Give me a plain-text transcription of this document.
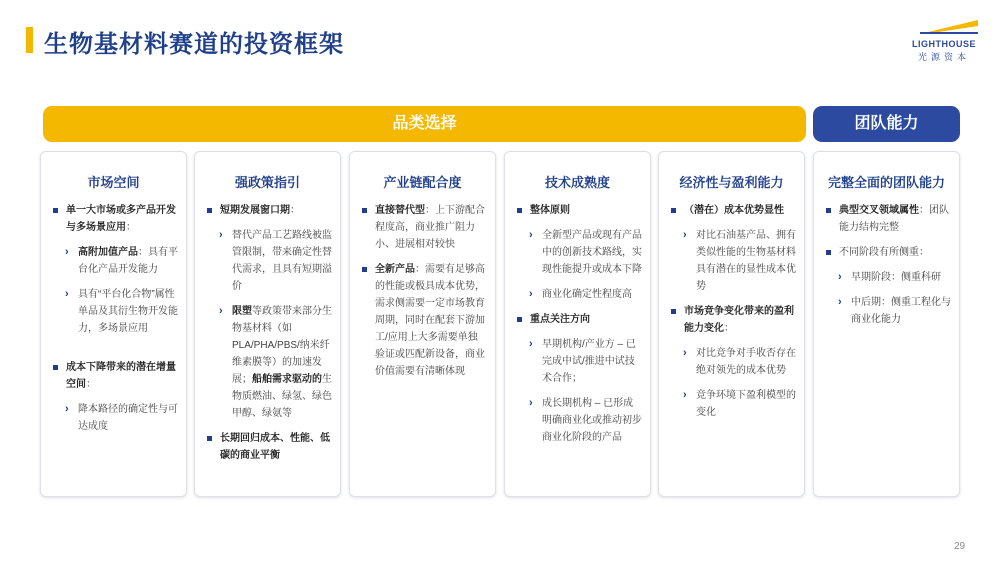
生物基材料赛道的投资框架	LIGHTHOUSE
光源资本
品类选择	团队能力
市场空间
单一大市场或多产品开发与多场景应用：
› 高附加值产品：具有平台化产品开发能力
› 具有“平台化合物”属性单品及其衍生物开发能力，多场景应用
成本下降带来的潜在增量空间：
› 降本路径的确定性与可达成度
强政策指引
短期发展窗口期：
› 替代产品工艺路线被监管限制，带来确定性替代需求，且具有短期溢价
› 限塑等政策带来部分生物基材料（如PLA/PHA/PBS/纳米纤维素膜等）的加速发展；船舶需求驱动的生物质燃油、绿氢、绿色甲醇、绿氨等
长期回归成本、性能、低碳的商业平衡
产业链配合度
直接替代型：上下游配合程度高，商业推广阻力小、进展相对较快
全新产品：需要有足够高的性能或极具成本优势，需求侧需要一定市场教育周期，同时在配套下游加工/应用上大多需要单独验证或匹配新设备，商业价值需要有清晰体现
技术成熟度
整体原则
› 全新型产品或现有产品中的创新技术路线，实现性能提升或成本下降
› 商业化确定性程度高
重点关注方向
› 早期机构/产业方 – 已完成中试/推进中试技术合作；
› 成长期机构 – 已形成明确商业化或推动初步商业化阶段的产品
经济性与盈利能力
（潜在）成本优势显性
› 对比石油基产品、拥有类似性能的生物基材料具有潜在的显性成本优势
市场竞争变化带来的盈利能力变化：
› 对比竞争对手收否存在绝对领先的成本优势
› 竞争环境下盈利模型的变化
完整全面的团队能力
典型交叉领域属性：团队能力结构完整
不同阶段有所侧重：
› 早期阶段：侧重科研
› 中后期：侧重工程化与商业化能力
29
